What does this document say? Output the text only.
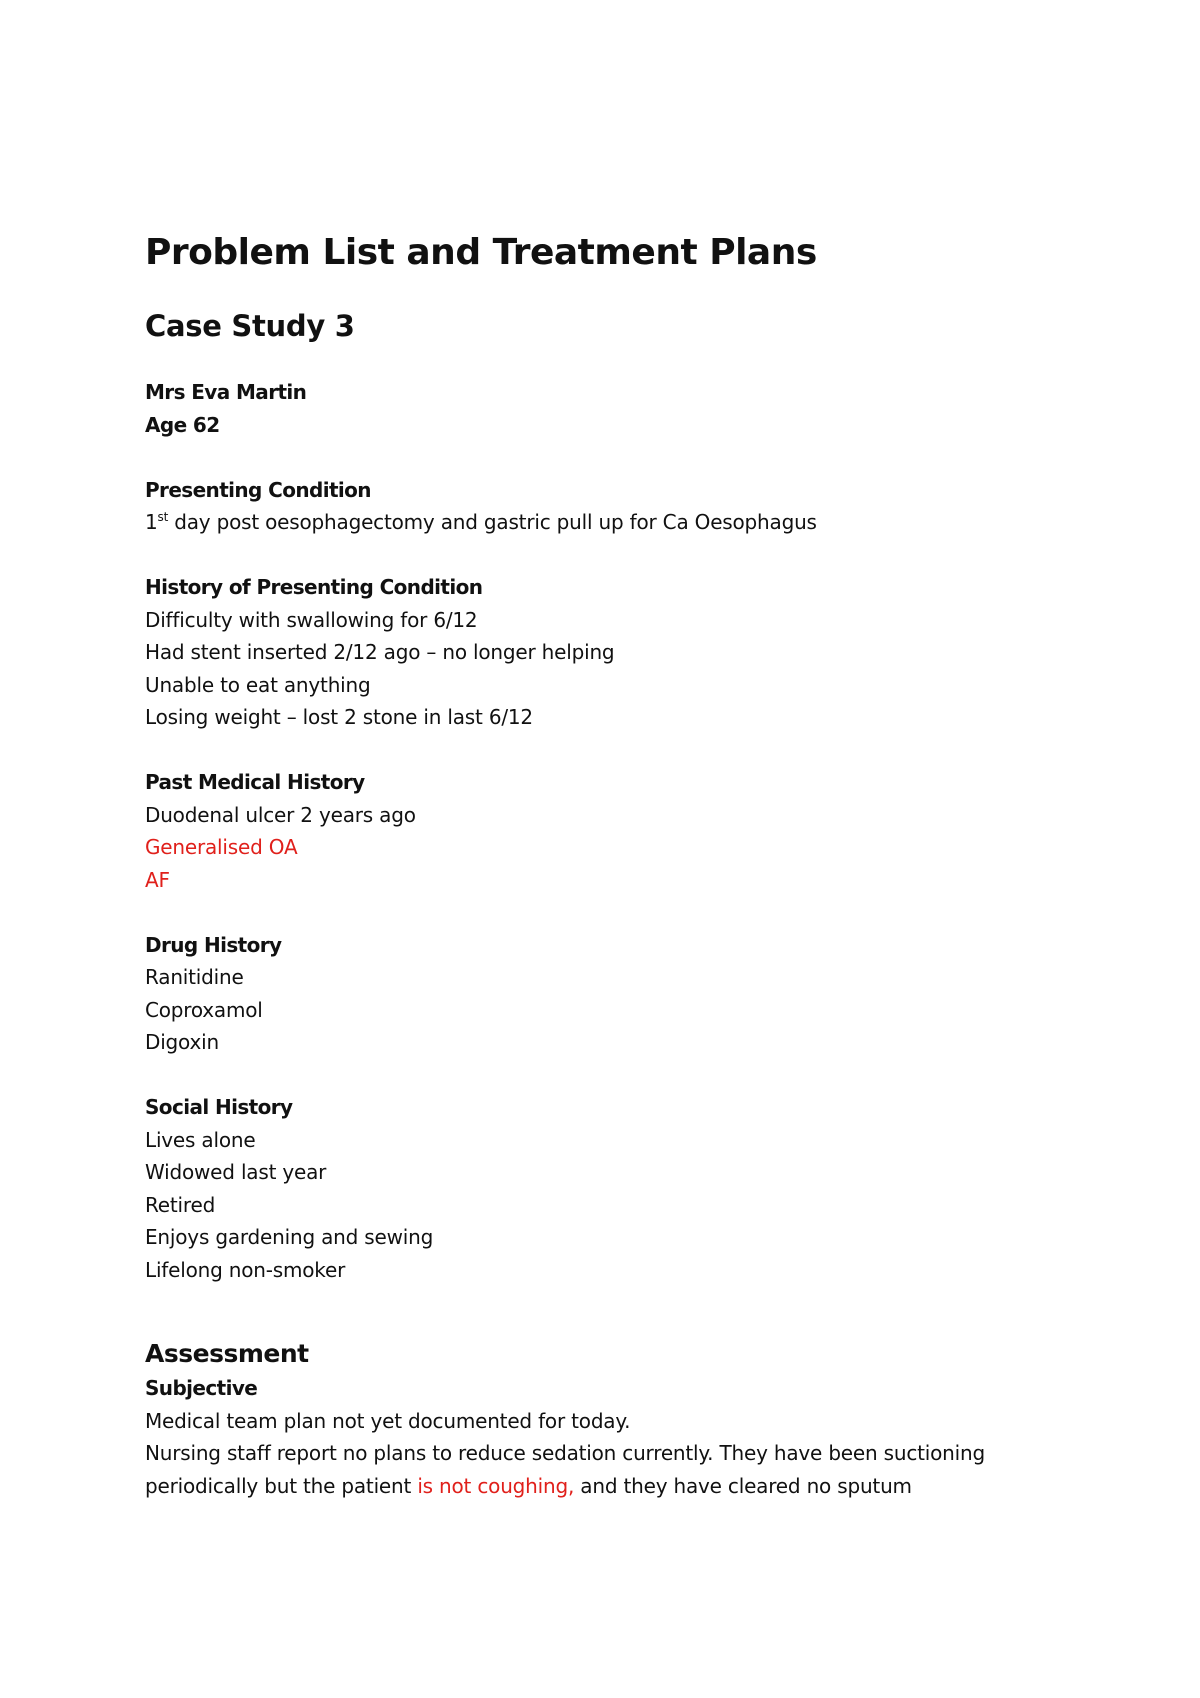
Problem List and Treatment Plans
Case Study 3
Mrs Eva Martin
Age 62
Presenting Condition
1st day post oesophagectomy and gastric pull up for Ca Oesophagus
History of Presenting Condition
Difficulty with swallowing for 6/12
Had stent inserted 2/12 ago – no longer helping
Unable to eat anything
Losing weight – lost 2 stone in last 6/12
Past Medical History
Duodenal ulcer 2 years ago
Generalised OA
AF
Drug History
Ranitidine
Coproxamol
Digoxin
Social History
Lives alone
Widowed last year
Retired
Enjoys gardening and sewing
Lifelong non-smoker
Assessment
Subjective
Medical team plan not yet documented for today.
Nursing staff report no plans to reduce sedation currently. They have been suctioning
periodically but the patient is not coughing, and they have cleared no sputum
